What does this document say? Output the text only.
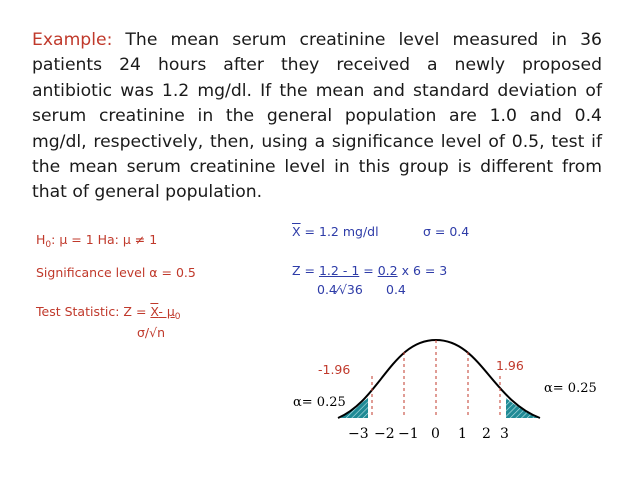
Example: The mean serum creatinine level measured in 36
patients 24 hours after they received a newly proposed
antibiotic was 1.2 mg/dl. If the mean and standard deviation of
serum creatinine in the general population are 1.0 and 0.4
mg/dl, respectively, then, using a significance level of 0.5, test if
the mean serum creatinine level in this group is different from
that of general population.
$H_0$: μ = 1 Ha: μ ≠ 1
Significance level α = 0.5
Test Statistic: Z = X- $\mu_0$
σ/√n
$\overline{X} = 1.2$ mg/dl	σ = 0.4
Z = 1.2 - 1 = 0.2 x 6 = 3
0.4⁄√36 0.4
-1.96	1.96
α= 0.25
α= 0.25
−3 −2 −1 0 1 2 3
